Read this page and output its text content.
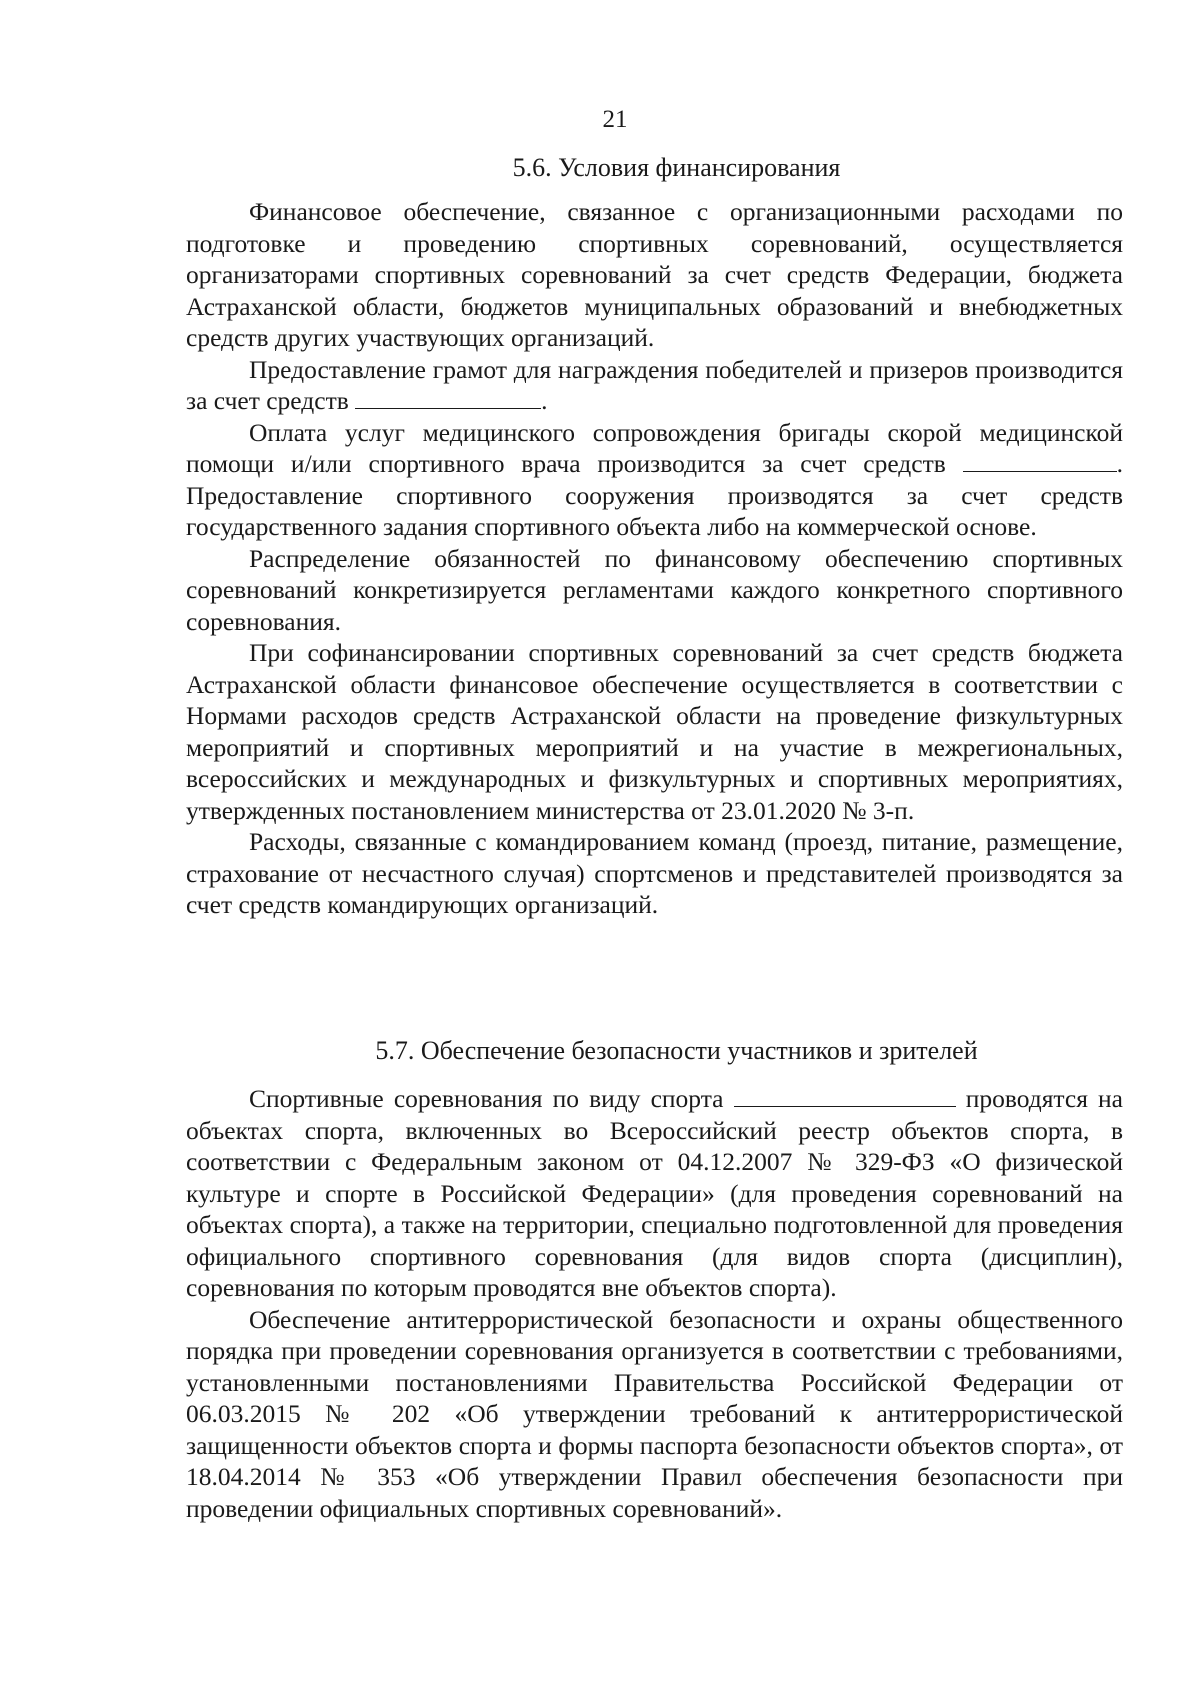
21
5.6. Условия финансирования

Финансовое обеспечение, связанное с организационными расходами по подготовке и проведению спортивных соревнований, осуществляется организаторами спортивных соревнований за счет средств Федерации, бюджета Астраханской области, бюджетов муниципальных образований и внебюджетных средств других участвующих организаций.

Предоставление грамот для награждения победителей и призеров производится за счет средств	.

Оплата услуг медицинского сопровождения бригады скорой медицинской помощи и/или спортивного врача производится за счет средств	. Предоставление спортивного сооружения производятся за счет средств государственного задания спортивного объекта либо на коммерческой основе.

Распределение обязанностей по финансовому обеспечению спортивных соревнований конкретизируется регламентами каждого конкретного спортивного соревнования.

При софинансировании спортивных соревнований за счет средств бюджета Астраханской области финансовое обеспечение осуществляется в соответствии с Нормами расходов средств Астраханской области на проведение физкультурных мероприятий и спортивных мероприятий и на участие в межрегиональных, всероссийских и международных и физкультурных и спортивных мероприятиях, утвержденных постановлением министерства от 23.01.2020 № 3-п.

Расходы, связанные с командированием команд (проезд, питание, размещение, страхование от несчастного случая) спортсменов и представителей производятся за счет средств командирующих организаций.

5.7. Обеспечение безопасности участников и зрителей

Спортивные соревнования по виду спорта	проводятся на объектах спорта, включенных во Всероссийский реестр объектов спорта, в соответствии с Федеральным законом от 04.12.2007 № 329-ФЗ «О физической культуре и спорте в Российской Федерации» (для проведения соревнований на объектах спорта), а также на территории, специально подготовленной для проведения официального спортивного соревнования (для видов спорта (дисциплин), соревнования по которым проводятся вне объектов спорта).

Обеспечение антитеррористической безопасности и охраны общественного порядка при проведении соревнования организуется в соответствии с требованиями, установленными постановлениями Правительства Российской Федерации от 06.03.2015 № 202 «Об утверждении требований к антитеррористической защищенности объектов спорта и формы паспорта безопасности объектов спорта», от 18.04.2014 № 353 «Об утверждении Правил обеспечения безопасности при проведении официальных спортивных соревнований».
